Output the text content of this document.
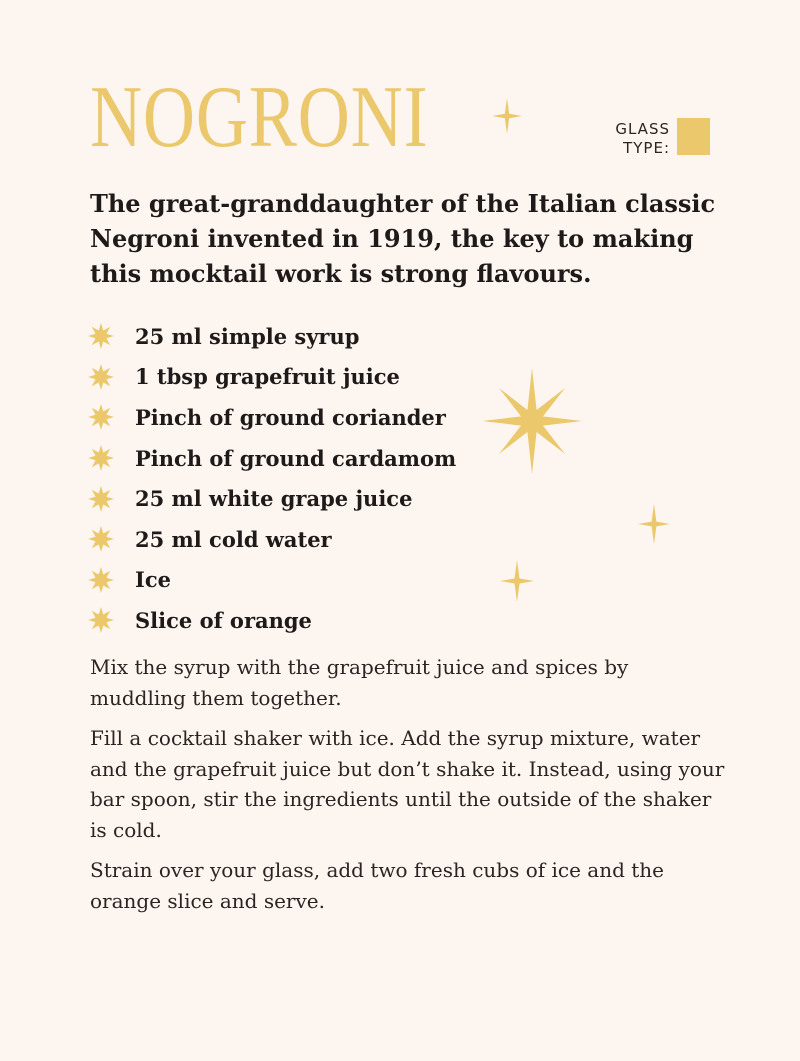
NOGRONI	GLASS
TYPE:

The great-granddaughter of the Italian classic Negroni invented in 1919, the key to making this mocktail work is strong flavours.

25 ml simple syrup
1 tbsp grapefruit juice
Pinch of ground coriander
Pinch of ground cardamom
25 ml white grape juice
25 ml cold water
Ice
Slice of orange

Mix the syrup with the grapefruit juice and spices by muddling them together.

Fill a cocktail shaker with ice. Add the syrup mixture, water and the grapefruit juice but don’t shake it. Instead, using your bar spoon, stir the ingredients until the outside of the shaker is cold.

Strain over your glass, add two fresh cubs of ice and the orange slice and serve.
